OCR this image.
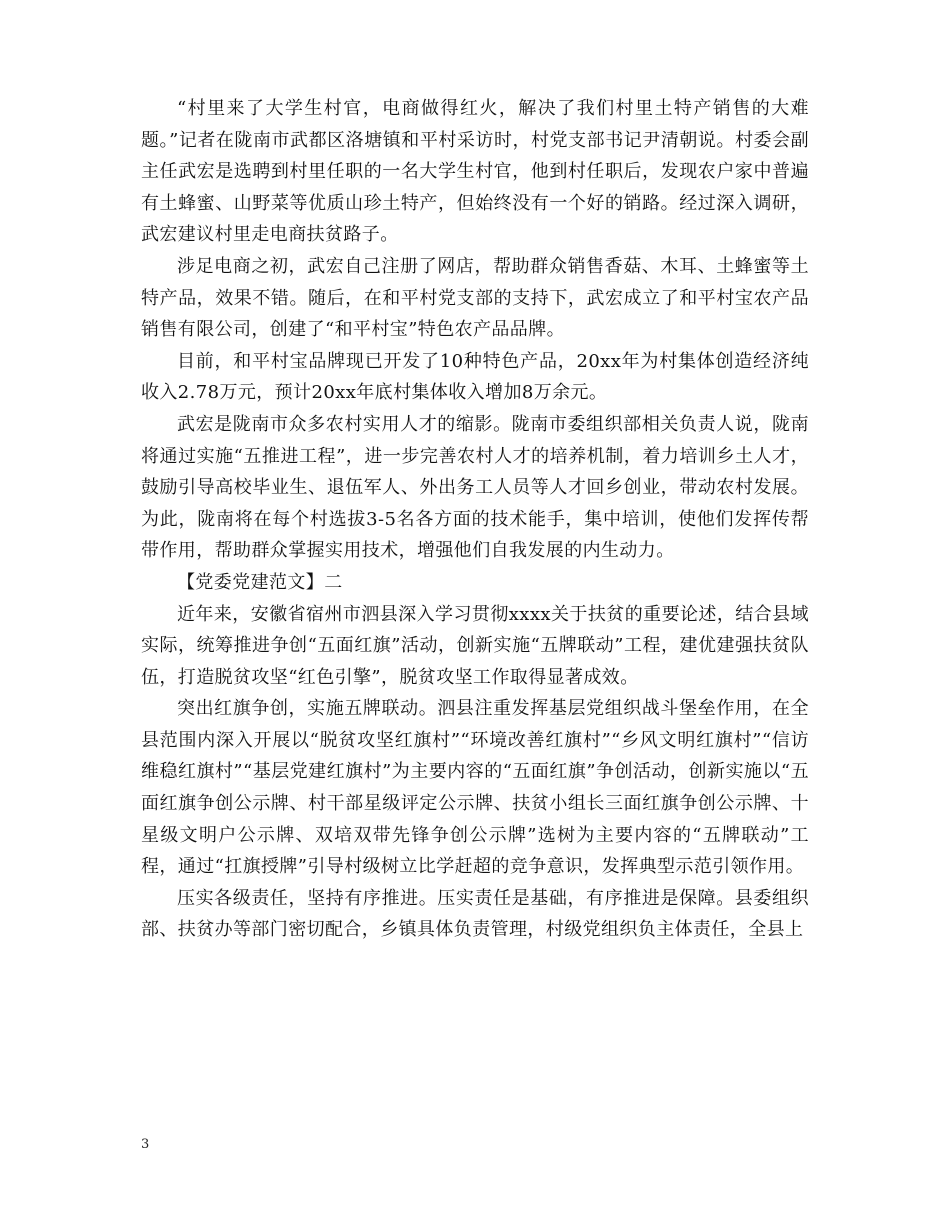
“村里来了大学生村官，电商做得红火，解决了我们村里土特产销售的大难题。”记者在陇南市武都区洛塘镇和平村采访时，村党支部书记尹清朝说。村委会副主任武宏是选聘到村里任职的一名大学生村官，他到村任职后，发现农户家中普遍有土蜂蜜、山野菜等优质山珍土特产，但始终没有一个好的销路。经过深入调研，武宏建议村里走电商扶贫路子。

涉足电商之初，武宏自己注册了网店，帮助群众销售香菇、木耳、土蜂蜜等土特产品，效果不错。随后，在和平村党支部的支持下，武宏成立了和平村宝农产品销售有限公司，创建了“和平村宝”特色农产品品牌。

目前，和平村宝品牌现已开发了10种特色产品，20xx年为村集体创造经济纯收入2.78万元，预计20xx年底村集体收入增加8万余元。

武宏是陇南市众多农村实用人才的缩影。陇南市委组织部相关负责人说，陇南将通过实施“五推进工程”，进一步完善农村人才的培养机制，着力培训乡土人才，鼓励引导高校毕业生、退伍军人、外出务工人员等人才回乡创业，带动农村发展。为此，陇南将在每个村选拔3-5名各方面的技术能手，集中培训，使他们发挥传帮带作用，帮助群众掌握实用技术，增强他们自我发展的内生动力。

【党委党建范文】二

近年来，安徽省宿州市泗县深入学习贯彻xxxx关于扶贫的重要论述，结合县域实际，统筹推进争创“五面红旗”活动，创新实施“五牌联动”工程，建优建强扶贫队伍，打造脱贫攻坚“红色引擎”，脱贫攻坚工作取得显著成效。

突出红旗争创，实施五牌联动。泗县注重发挥基层党组织战斗堡垒作用，在全县范围内深入开展以“脱贫攻坚红旗村”“环境改善红旗村”“乡风文明红旗村”“信访维稳红旗村”“基层党建红旗村”为主要内容的“五面红旗”争创活动，创新实施以“五面红旗争创公示牌、村干部星级评定公示牌、扶贫小组长三面红旗争创公示牌、十星级文明户公示牌、双培双带先锋争创公示牌”选树为主要内容的“五牌联动”工程，通过“扛旗授牌”引导村级树立比学赶超的竞争意识，发挥典型示范引领作用。

压实各级责任，坚持有序推进。压实责任是基础，有序推进是保障。县委组织部、扶贫办等部门密切配合，乡镇具体负责管理，村级党组织负主体责任，全县上

3
